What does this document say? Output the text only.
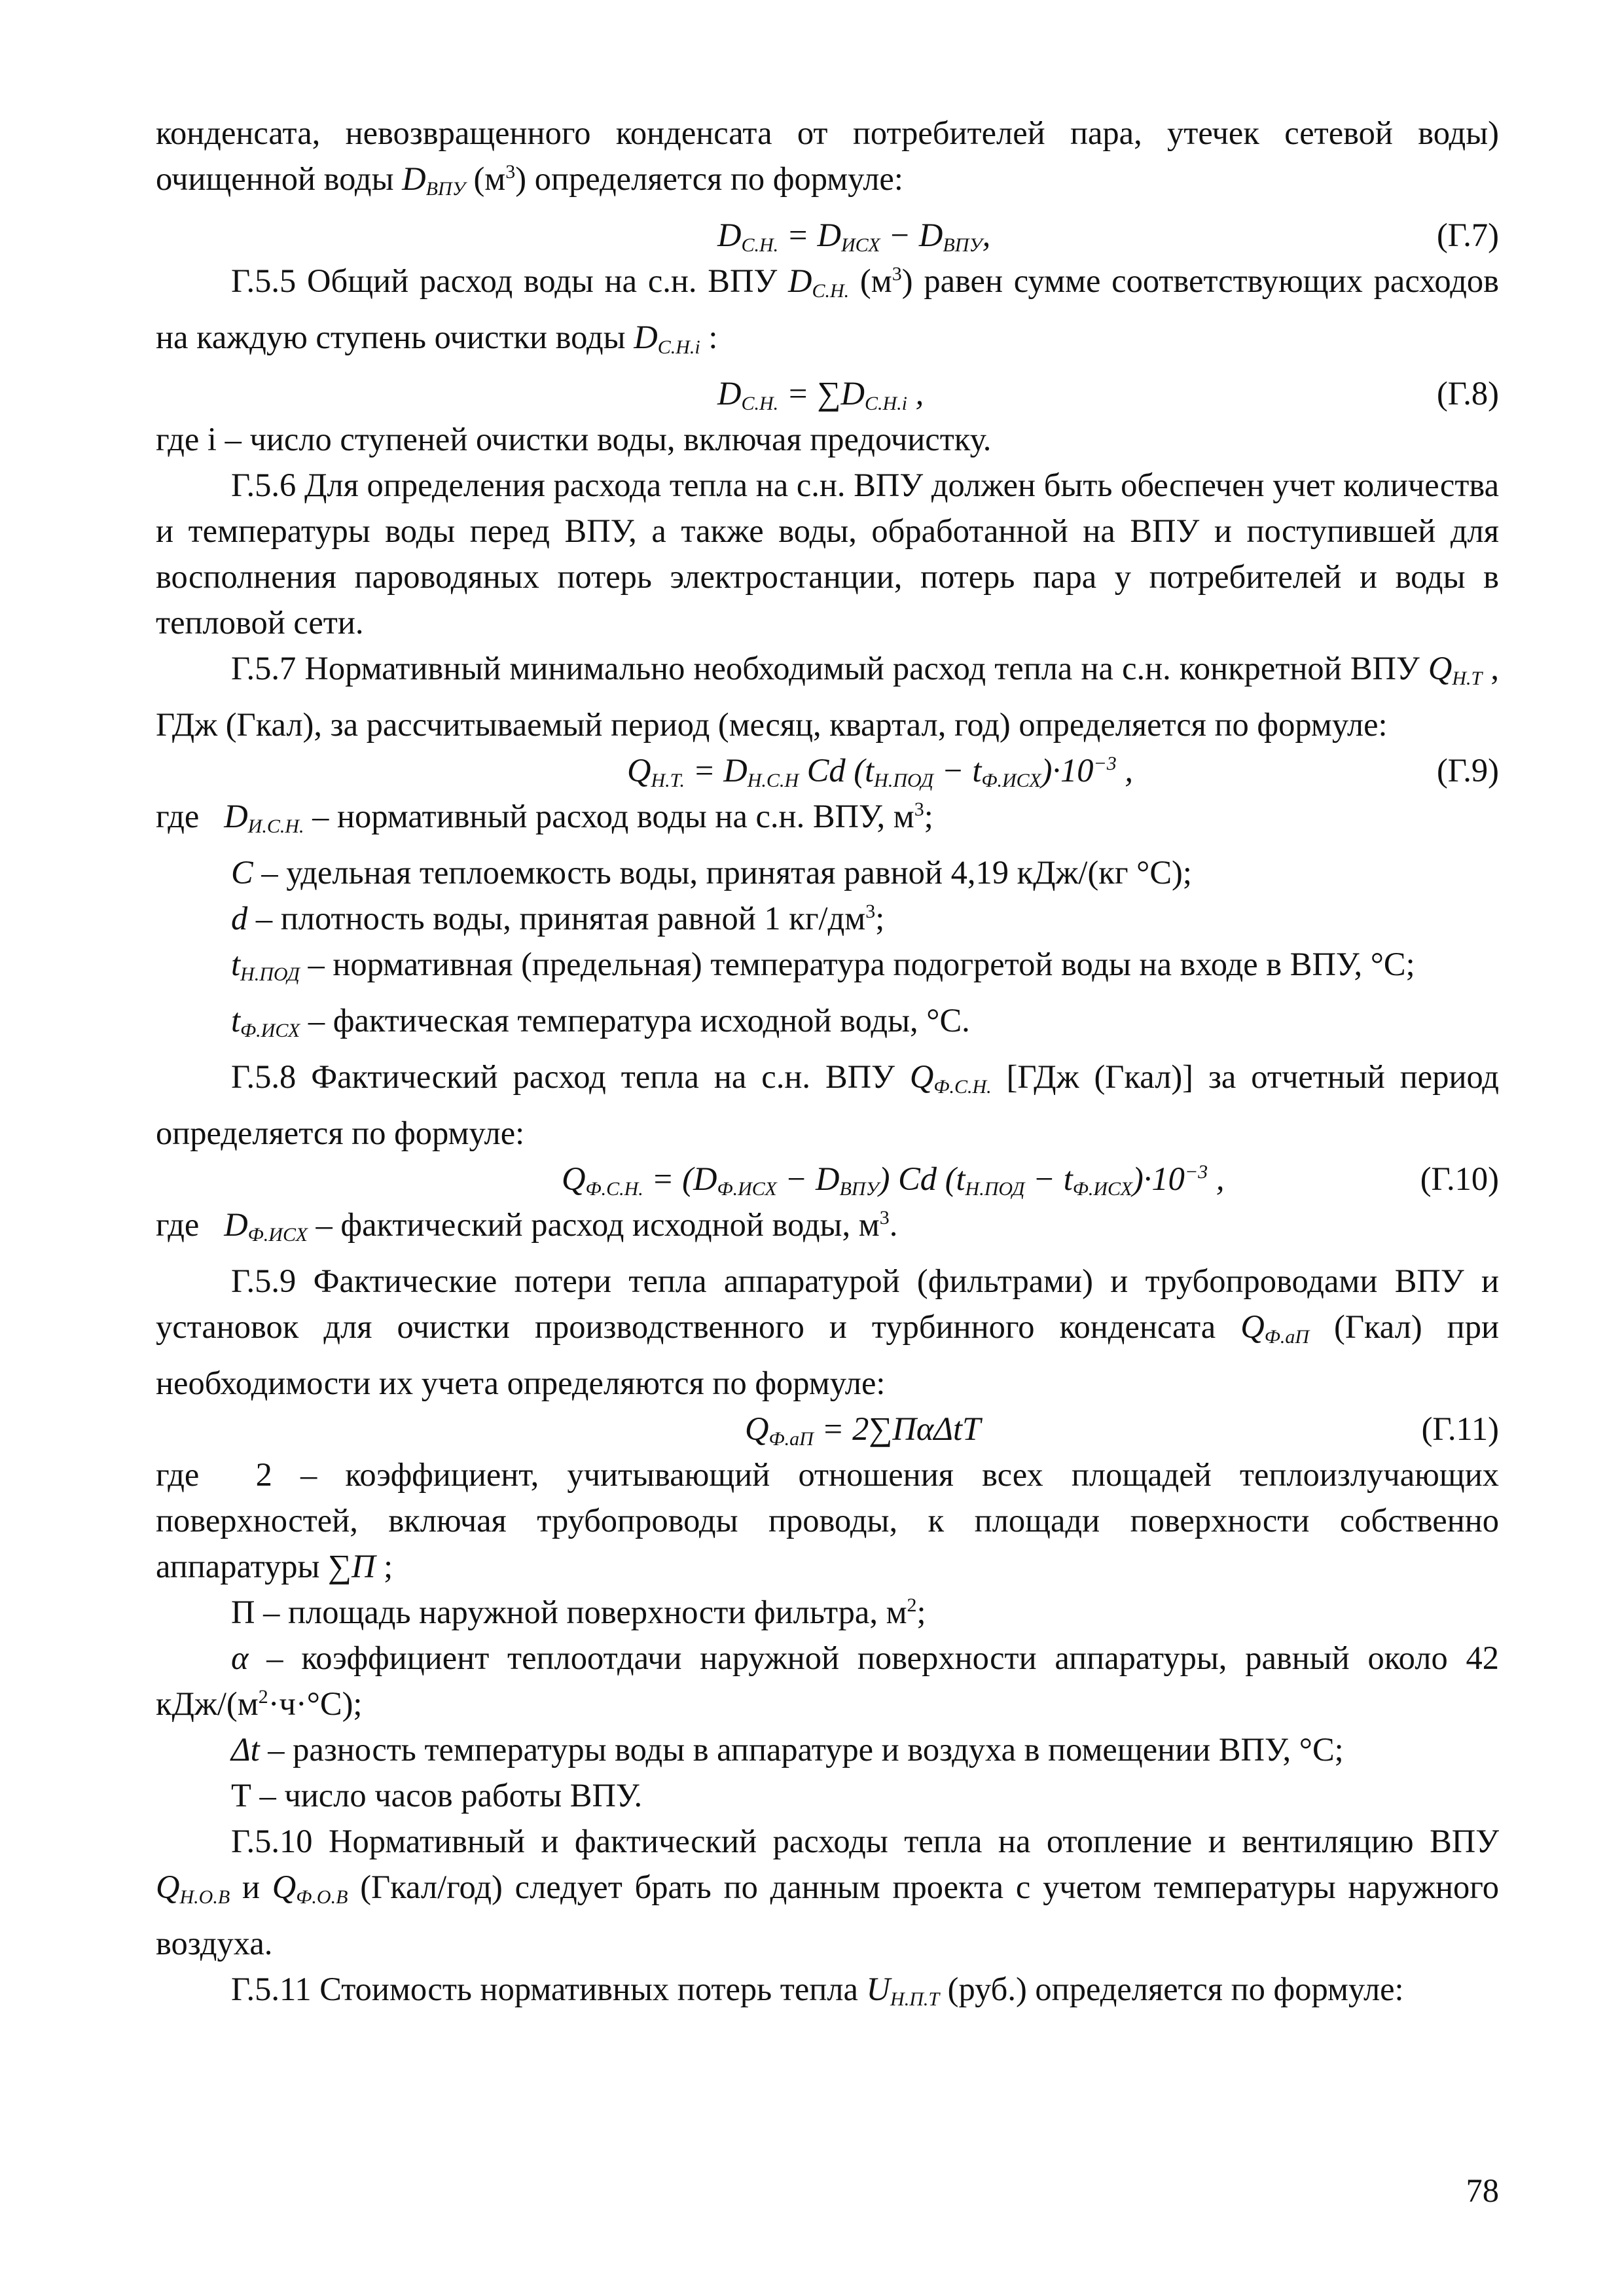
конденсата, невозвращенного конденсата от потребителей пара, утечек сетевой воды) очищенной воды $D_{ВПУ}$ $(м^3)$ определяется по формуле:

$D_{С.Н.} = D_{ИСХ} - D_{ВПУ}$,	(Г.7)

Г.5.5 Общий расход воды на с.н. ВПУ $D_{С.Н.}$ $(м^3)$ равен сумме соответствующих расходов на каждую ступень очистки воды $D_{С.Н.i}$ :

$D_{С.Н.} = \sum D_{С.Н.i}$ ,	(Г.8)

где i – число ступеней очистки воды, включая предочистку.

Г.5.6 Для определения расхода тепла на с.н. ВПУ должен быть обеспечен учет количества и температуры воды перед ВПУ, а также воды, обработанной на ВПУ и поступившей для восполнения пароводяных потерь электростанции, потерь пара у потребителей и воды в тепловой сети.

Г.5.7 Нормативный минимально необходимый расход тепла на с.н. конкретной ВПУ $Q_{Н.Т}$ , ГДж (Гкал), за рассчитываемый период (месяц, квартал, год) определяется по формуле:

$Q_{Н.Т.} = D_{Н.С.Н}$ Cd $(t_{Н.ПОД} - t_{Ф.ИСХ})\cdot 10^{-3}$ ,	(Г.9)

где   $D_{И.С.Н.}$ – нормативный расход воды на с.н. ВПУ, $м^3$;

C – удельная теплоемкость воды, принятая равной 4,19 кДж/(кг °С);

d – плотность воды, принятая равной 1 $кг/дм^3$;

$t_{Н.ПОД}$ – нормативная (предельная) температура подогретой воды на входе в ВПУ, °С;

$t_{Ф.ИСХ}$ – фактическая температура исходной воды, °С.

Г.5.8 Фактический расход тепла на с.н. ВПУ $Q_{Ф.С.Н.}$ [ГДж (Гкал)] за отчетный период определяется по формуле:

$Q_{Ф.С.Н.} = (D_{Ф.ИСХ} - D_{ВПУ})$ Cd $(t_{Н.ПОД} - t_{Ф.ИСХ})\cdot 10^{-3}$ ,	(Г.10)

где   $D_{Ф.ИСХ}$ – фактический расход исходной воды, $м^3$.

Г.5.9 Фактические потери тепла аппаратурой (фильтрами) и трубопроводами ВПУ и установок для очистки производственного и турбинного конденсата $Q_{Ф.аП}$ (Гкал) при необходимости их учета определяются по формуле:

$Q_{Ф.аП} = 2\sum П\alpha\Delta tT$	(Г.11)

где  2 – коэффициент, учитывающий отношения всех площадей теплоизлучающих поверхностей, включая трубопроводы проводы, к площади поверхности собственно аппаратуры ∑П ;

П – площадь наружной поверхности фильтра, $м^2$;

α – коэффициент теплоотдачи наружной поверхности аппаратуры, равный около 42 кДж/$(м^2\cdot ч\cdot^\circ С)$;

Δt – разность температуры воды в аппаратуре и воздуха в помещении ВПУ, °С;

Т – число часов работы ВПУ.

Г.5.10 Нормативный и фактический расходы тепла на отопление и вентиляцию ВПУ $Q_{Н.О.В}$ и $Q_{Ф.О.В}$ (Гкал/год) следует брать по данным проекта с учетом температуры наружного воздуха.

Г.5.11 Стоимость нормативных потерь тепла $U_{Н.П.Т}$ (руб.) определяется по формуле:

78
